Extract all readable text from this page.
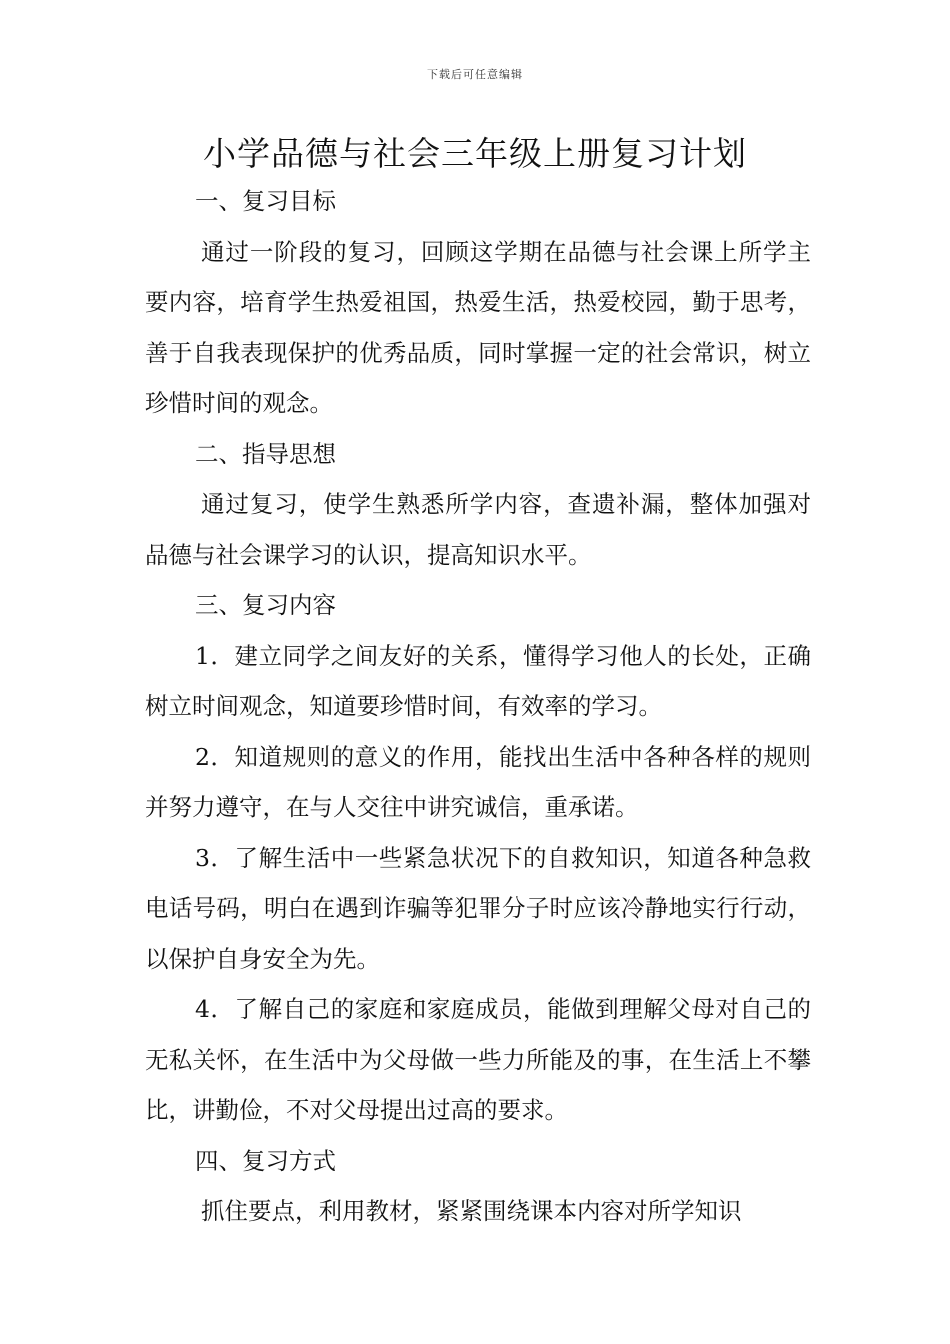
下载后可任意编辑
小学品德与社会三年级上册复习计划

一、复习目标

通过一阶段的复习，回顾这学期在品德与社会课上所学主要内容，培育学生热爱祖国，热爱生活，热爱校园，勤于思考，善于自我表现保护的优秀品质，同时掌握一定的社会常识，树立珍惜时间的观念。

二、指导思想

通过复习，使学生熟悉所学内容，查遗补漏，整体加强对品德与社会课学习的认识，提高知识水平。

三、复习内容

1．建立同学之间友好的关系，懂得学习他人的长处，正确树立时间观念，知道要珍惜时间，有效率的学习。

2．知道规则的意义的作用，能找出生活中各种各样的规则并努力遵守，在与人交往中讲究诚信，重承诺。

3．了解生活中一些紧急状况下的自救知识，知道各种急救电话号码，明白在遇到诈骗等犯罪分子时应该冷静地实行行动，以保护自身安全为先。

4．了解自己的家庭和家庭成员，能做到理解父母对自己的无私关怀，在生活中为父母做一些力所能及的事，在生活上不攀比，讲勤俭，不对父母提出过高的要求。

四、复习方式

抓住要点，利用教材，紧紧围绕课本内容对所学知识
